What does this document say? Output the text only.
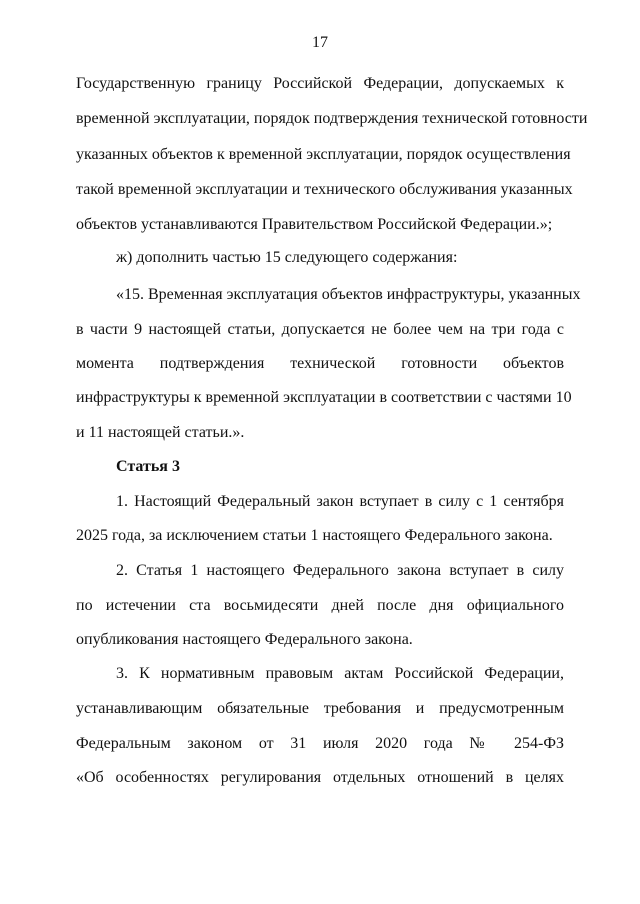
17
Государственную границу Российской Федерации, допускаемых к
временной эксплуатации, порядок подтверждения технической готовности
указанных объектов к временной эксплуатации, порядок осуществления
такой временной эксплуатации и технического обслуживания указанных
объектов устанавливаются Правительством Российской Федерации.»;
ж) дополнить частью 15 следующего содержания:
«15. Временная эксплуатация объектов инфраструктуры, указанных
в части 9 настоящей статьи, допускается не более чем на три года с
момента подтверждения технической готовности объектов
инфраструктуры к временной эксплуатации в соответствии с частями 10
и 11 настоящей статьи.».
Статья 3
1. Настоящий Федеральный закон вступает в силу с 1 сентября
2025 года, за исключением статьи 1 настоящего Федерального закона.
2. Статья 1 настоящего Федерального закона вступает в силу
по истечении ста восьмидесяти дней после дня официального
опубликования настоящего Федерального закона.
3. К нормативным правовым актам Российской Федерации,
устанавливающим обязательные требования и предусмотренным
Федеральным законом от 31 июля 2020 года № 254-ФЗ
«Об особенностях регулирования отдельных отношений в целях
